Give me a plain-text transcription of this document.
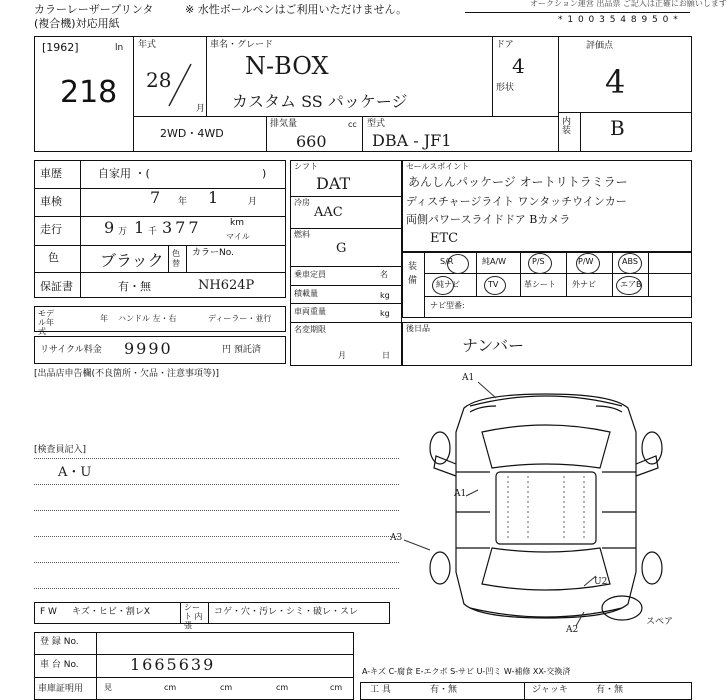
カラーレーザープリンタ
(複合機)対応用紙
※ 水性ボールペンはご利用いただけません。	オークション運営 出品票 ご記入は正確にお願いします
* 1 0 0 3 5 4 8 9 5 0 *
[1962]	ln
218
年式
28
月
車名・グレード
N-BOX
カスタム SS パッケージ
ドア
4
形状
評価点
4
内装 B
2WD・4WD
排気量	cc
660
型式
DBA - JF1
車歴	自家用 ・(	)
車検	7 年 1	月
走行	9 万 1 千 377	km
マイル
色	ブラック 色替
カラーNo.
保証書	有・無	NH624P
モデル年式
年 ハンドル 左・右	ディーラー・並行
リサイクル料金 9990	円 預託済
シフト
DAT
冷房
AAC
燃料
G
乗車定員	名
積載量	kg
車両重量	kg
名変期限
月	日
セールスポイント
あんしんパッケージ オートリトラミラー
ディスチャージライト ワンタッチウインカー
両側パワースライドドア Bカメラ
ETC
装備
S/R	純A/W	P/S	P/W	ABS
純ナビ	TV	革シート 外ナビ	エアB
ナビ型番:
後日品
ナンバー
[出品店申告欄(不良箇所・欠品・注意事項等)]
[検査員記入]
A・U
A1
A1
A3
U2
A2
スペア
F W キズ・ヒビ・割レX	シート 内張
コゲ・穴・汚レ・シミ・破レ・スレ
登 録 No.
車 台 No.	1665639
車庫証明用	見	cm	cm	cm	cm
A-キズ C-腐食 E-エクボ S-サビ U-凹ミ W-補修 XX-交換済
工 具	有・無	ジャッキ	有・無
